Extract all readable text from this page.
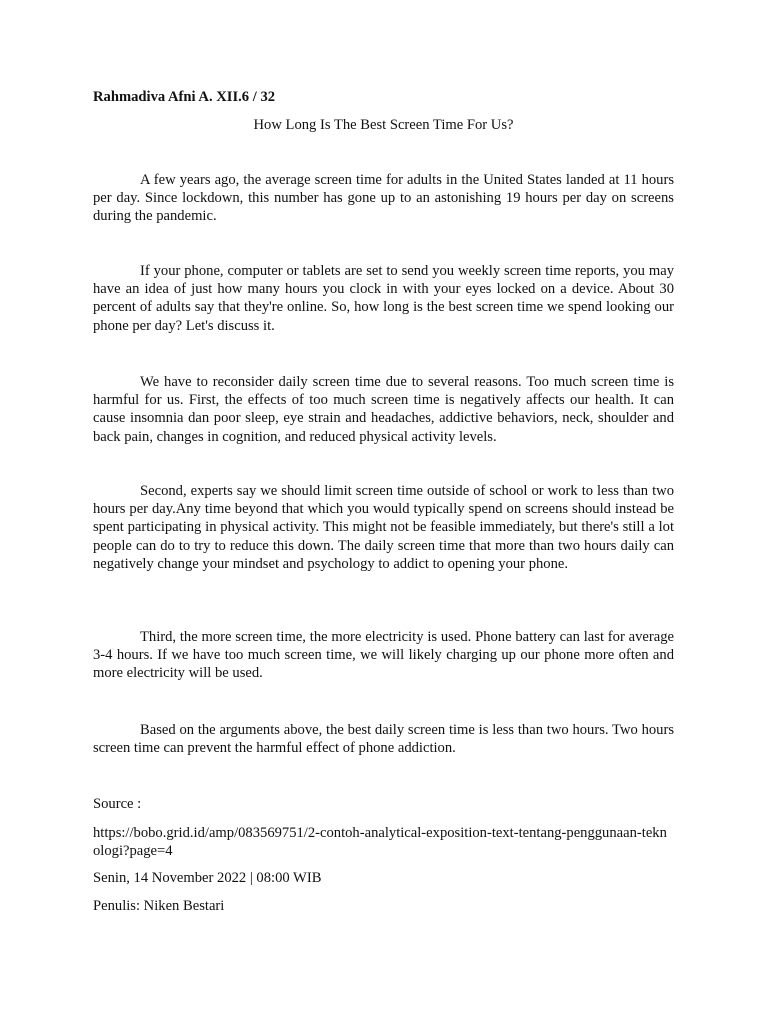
Rahmadiva Afni A. XII.6 / 32
How Long Is The Best Screen Time For Us?

A few years ago, the average screen time for adults in the United States landed at 11 hours per day. Since lockdown, this number has gone up to an astonishing 19 hours per day on screens during the pandemic.

If your phone, computer or tablets are set to send you weekly screen time reports, you may have an idea of just how many hours you clock in with your eyes locked on a device. About 30 percent of adults say that they're online. So, how long is the best screen time we spend looking our phone per day? Let's discuss it.

We have to reconsider daily screen time due to several reasons. Too much screen time is harmful for us. First, the effects of too much screen time is negatively affects our health. It can cause insomnia dan poor sleep, eye strain and headaches, addictive behaviors, neck, shoulder and back pain, changes in cognition, and reduced physical activity levels.

Second, experts say we should limit screen time outside of school or work to less than two hours per day.Any time beyond that which you would typically spend on screens should instead be spent participating in physical activity. This might not be feasible immediately, but there's still a lot people can do to try to reduce this down. The daily screen time that more than two hours daily can negatively change your mindset and psychology to addict to opening your phone.

Third, the more screen time, the more electricity is used. Phone battery can last for average 3-4 hours. If we have too much screen time, we will likely charging up our phone more often and more electricity will be used.

Based on the arguments above, the best daily screen time is less than two hours. Two hours screen time can prevent the harmful effect of phone addiction.

Source :

https://bobo.grid.id/amp/083569751/2-contoh-analytical-exposition-text-tentang-penggunaan-teknologi?page=4

Senin, 14 November 2022 | 08:00 WIB

Penulis: Niken Bestari
